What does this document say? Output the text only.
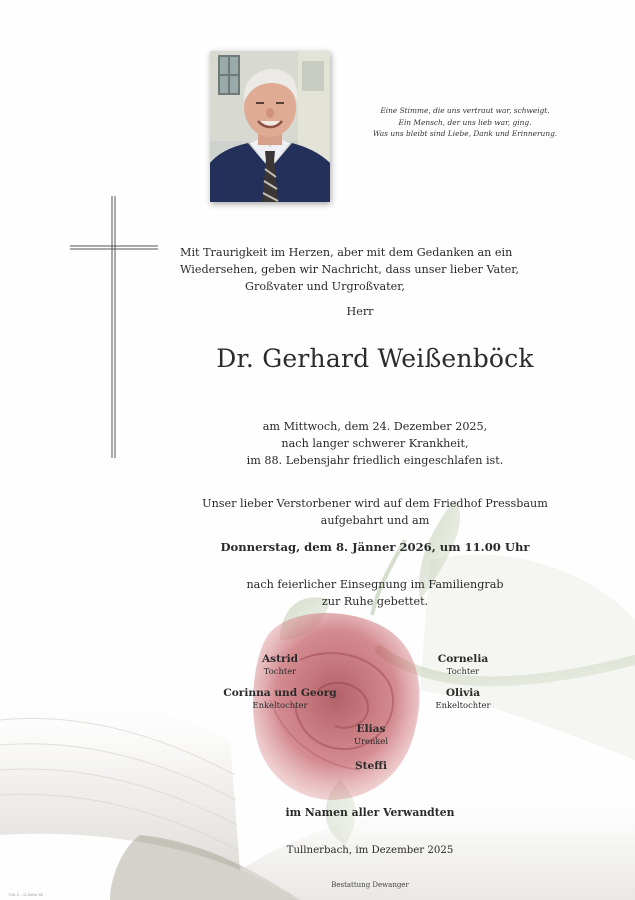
Eine Stimme, die uns vertraut war, schweigt.
Ein Mensch, der uns lieb war, ging.
Was uns bleibt sind Liebe, Dank und Erinnerung.
Mit Traurigkeit im Herzen, aber mit dem Gedanken an ein
Wiedersehen, geben wir Nachricht, dass unser lieber Vater,
Großvater und Urgroßvater,
Herr
Dr. Gerhard Weißenböck
am Mittwoch, dem 24. Dezember 2025,
nach langer schwerer Krankheit,
im 88. Lebensjahr friedlich eingeschlafen ist.
Unser lieber Verstorbener wird auf dem Friedhof Pressbaum
aufgebahrt und am
Donnerstag, dem 8. Jänner 2026, um 11.00 Uhr
nach feierlicher Einsegnung im Familiengrab
zur Ruhe gebettet.
Astrid
Tochter
Cornelia
Tochter
Corinna und Georg
Enkeltochter
Olivia
Enkeltochter
Elias
Urenkel
Steffi
im Namen aller Verwandten
Tullnerbach, im Dezember 2025
Bestattung Dewanger
T-Nr.3 – D-Seite 80
